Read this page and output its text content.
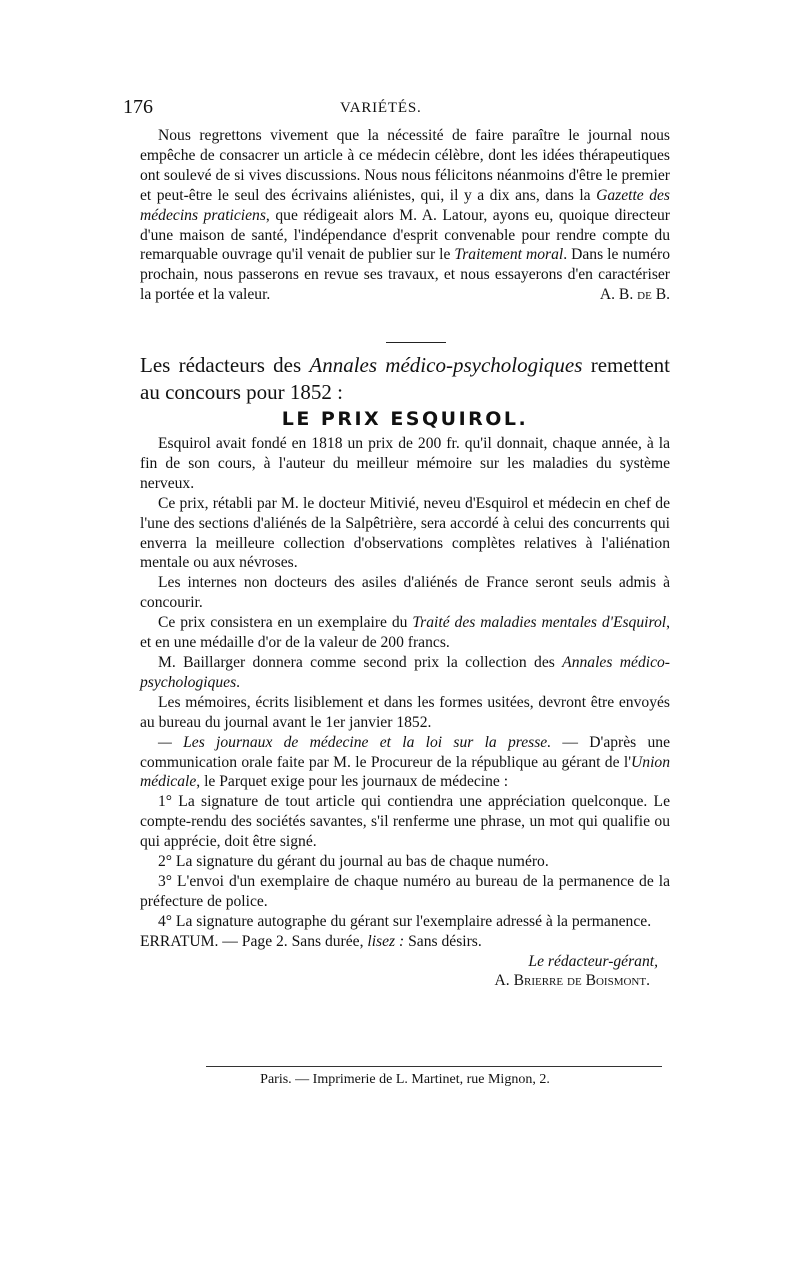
176	VARIÉTÉS.

Nous regrettons vivement que la nécessité de faire paraître le journal nous empêche de consacrer un article à ce médecin célèbre, dont les idées thérapeutiques ont soulevé de si vives discussions. Nous nous félicitons néanmoins d'être le premier et peut-être le seul des écrivains aliénistes, qui, il y a dix ans, dans la Gazette des médecins praticiens, que rédigeait alors M. A. Latour, ayons eu, quoique directeur d'une maison de santé, l'indépendance d'esprit convenable pour rendre compte du remarquable ouvrage qu'il venait de publier sur le Traitement moral. Dans le numéro prochain, nous passerons en revue ses travaux, et nous essayerons d'en caractériser la portée et la valeur.	A. B. de B.

Les rédacteurs des Annales médico-psychologiques remettent au concours pour 1852 :
LE PRIX ESQUIROL.

Esquirol avait fondé en 1818 un prix de 200 fr. qu'il donnait, chaque année, à la fin de son cours, à l'auteur du meilleur mémoire sur les maladies du système nerveux.

Ce prix, rétabli par M. le docteur Mitivié, neveu d'Esquirol et médecin en chef de l'une des sections d'aliénés de la Salpêtrière, sera accordé à celui des concurrents qui enverra la meilleure collection d'observations complètes relatives à l'aliénation mentale ou aux névroses.

Les internes non docteurs des asiles d'aliénés de France seront seuls admis à concourir.

Ce prix consistera en un exemplaire du Traité des maladies mentales d'Esquirol, et en une médaille d'or de la valeur de 200 francs.

M. Baillarger donnera comme second prix la collection des Annales médico-psychologiques.

Les mémoires, écrits lisiblement et dans les formes usitées, devront être envoyés au bureau du journal avant le 1er janvier 1852.

— Les journaux de médecine et la loi sur la presse. — D'après une communication orale faite par M. le Procureur de la république au gérant de l'Union médicale, le Parquet exige pour les journaux de médecine :

1° La signature de tout article qui contiendra une appréciation quelconque. Le compte-rendu des sociétés savantes, s'il renferme une phrase, un mot qui qualifie ou qui apprécie, doit être signé.

2° La signature du gérant du journal au bas de chaque numéro.

3° L'envoi d'un exemplaire de chaque numéro au bureau de la permanence de la préfecture de police.

4° La signature autographe du gérant sur l'exemplaire adressé à la permanence.

ERRATUM. — Page 2. Sans durée, lisez : Sans désirs.

Le rédacteur-gérant,
A. Brierre de Boismont.
Paris. — Imprimerie de L. Martinet, rue Mignon, 2.
